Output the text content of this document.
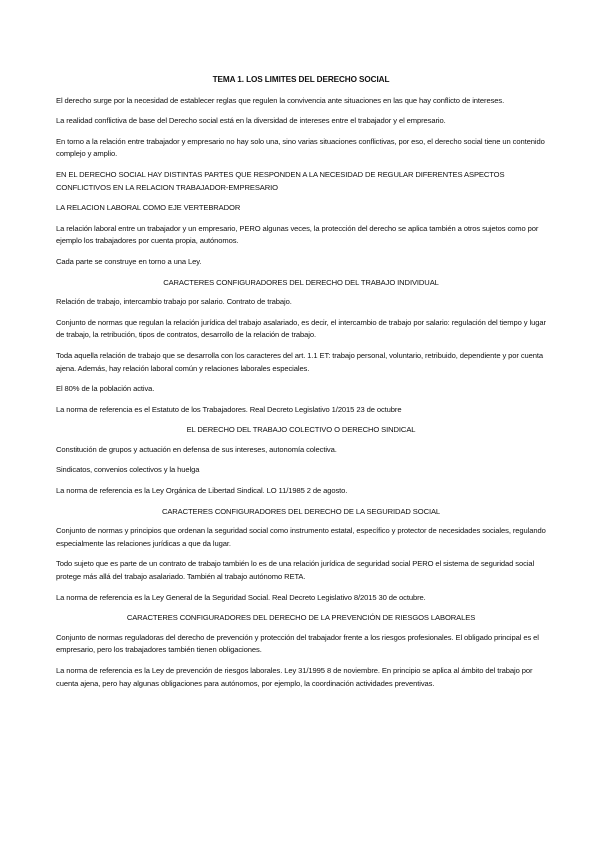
TEMA 1. LOS LIMITES DEL DERECHO SOCIAL
El derecho surge por la necesidad de establecer reglas que regulen la convivencia ante situaciones en las que hay conflicto de intereses.
La realidad conflictiva de base del Derecho social está en la diversidad de intereses entre el trabajador y el empresario.
En torno a la relación entre trabajador y empresario no hay solo una, sino varias situaciones conflictivas, por eso, el derecho social tiene un contenido complejo y amplio.
EN EL DERECHO SOCIAL HAY DISTINTAS PARTES QUE RESPONDEN A LA NECESIDAD DE REGULAR DIFERENTES ASPECTOS CONFLICTIVOS EN LA RELACION TRABAJADOR-EMPRESARIO
LA RELACION LABORAL COMO EJE VERTEBRADOR
La relación laboral entre un trabajador y un empresario, PERO algunas veces, la protección del derecho se aplica también a otros sujetos como por ejemplo los trabajadores por cuenta propia, autónomos.
Cada parte se construye en torno a una Ley.
CARACTERES CONFIGURADORES DEL DERECHO DEL TRABAJO INDIVIDUAL
Relación de trabajo, intercambio trabajo por salario. Contrato de trabajo.
Conjunto de normas que regulan la relación jurídica del trabajo asalariado, es decir, el intercambio de trabajo por salario: regulación del tiempo y lugar de trabajo, la retribución, tipos de contratos, desarrollo de la relación de trabajo.
Toda aquella relación de trabajo que se desarrolla con los caracteres del art. 1.1 ET: trabajo personal, voluntario, retribuido, dependiente y por cuenta ajena. Además, hay relación laboral común y relaciones laborales especiales.
El 80% de la población activa.
La norma de referencia es el Estatuto de los Trabajadores. Real Decreto Legislativo 1/2015 23 de octubre
EL DERECHO DEL TRABAJO COLECTIVO O DERECHO SINDICAL
Constitución de grupos y actuación en defensa de sus intereses, autonomía colectiva.
Sindicatos, convenios colectivos y la huelga
La norma de referencia es la Ley Orgánica de Libertad Sindical. LO 11/1985 2 de agosto.
CARACTERES CONFIGURADORES DEL DERECHO DE LA SEGURIDAD SOCIAL
Conjunto de normas y principios que ordenan la seguridad social como instrumento estatal, específico y protector de necesidades sociales, regulando especialmente las relaciones jurídicas a que da lugar.
Todo sujeto que es parte de un contrato de trabajo también lo es de una relación jurídica de seguridad social PERO el sistema de seguridad social protege más allá del trabajo asalariado. También al trabajo autónomo RETA.
La norma de referencia es la Ley General de la Seguridad Social. Real Decreto Legislativo 8/2015 30 de octubre.
CARACTERES CONFIGURADORES DEL DERECHO DE LA PREVENCIÓN DE RIESGOS LABORALES
Conjunto de normas reguladoras del derecho de prevención y protección del trabajador frente a los riesgos profesionales. El obligado principal es el empresario, pero los trabajadores también tienen obligaciones.
La norma de referencia es la Ley de prevención de riesgos laborales. Ley 31/1995 8 de noviembre. En principio se aplica al ámbito del trabajo por cuenta ajena, pero hay algunas obligaciones para autónomos, por ejemplo, la coordinación actividades preventivas.
